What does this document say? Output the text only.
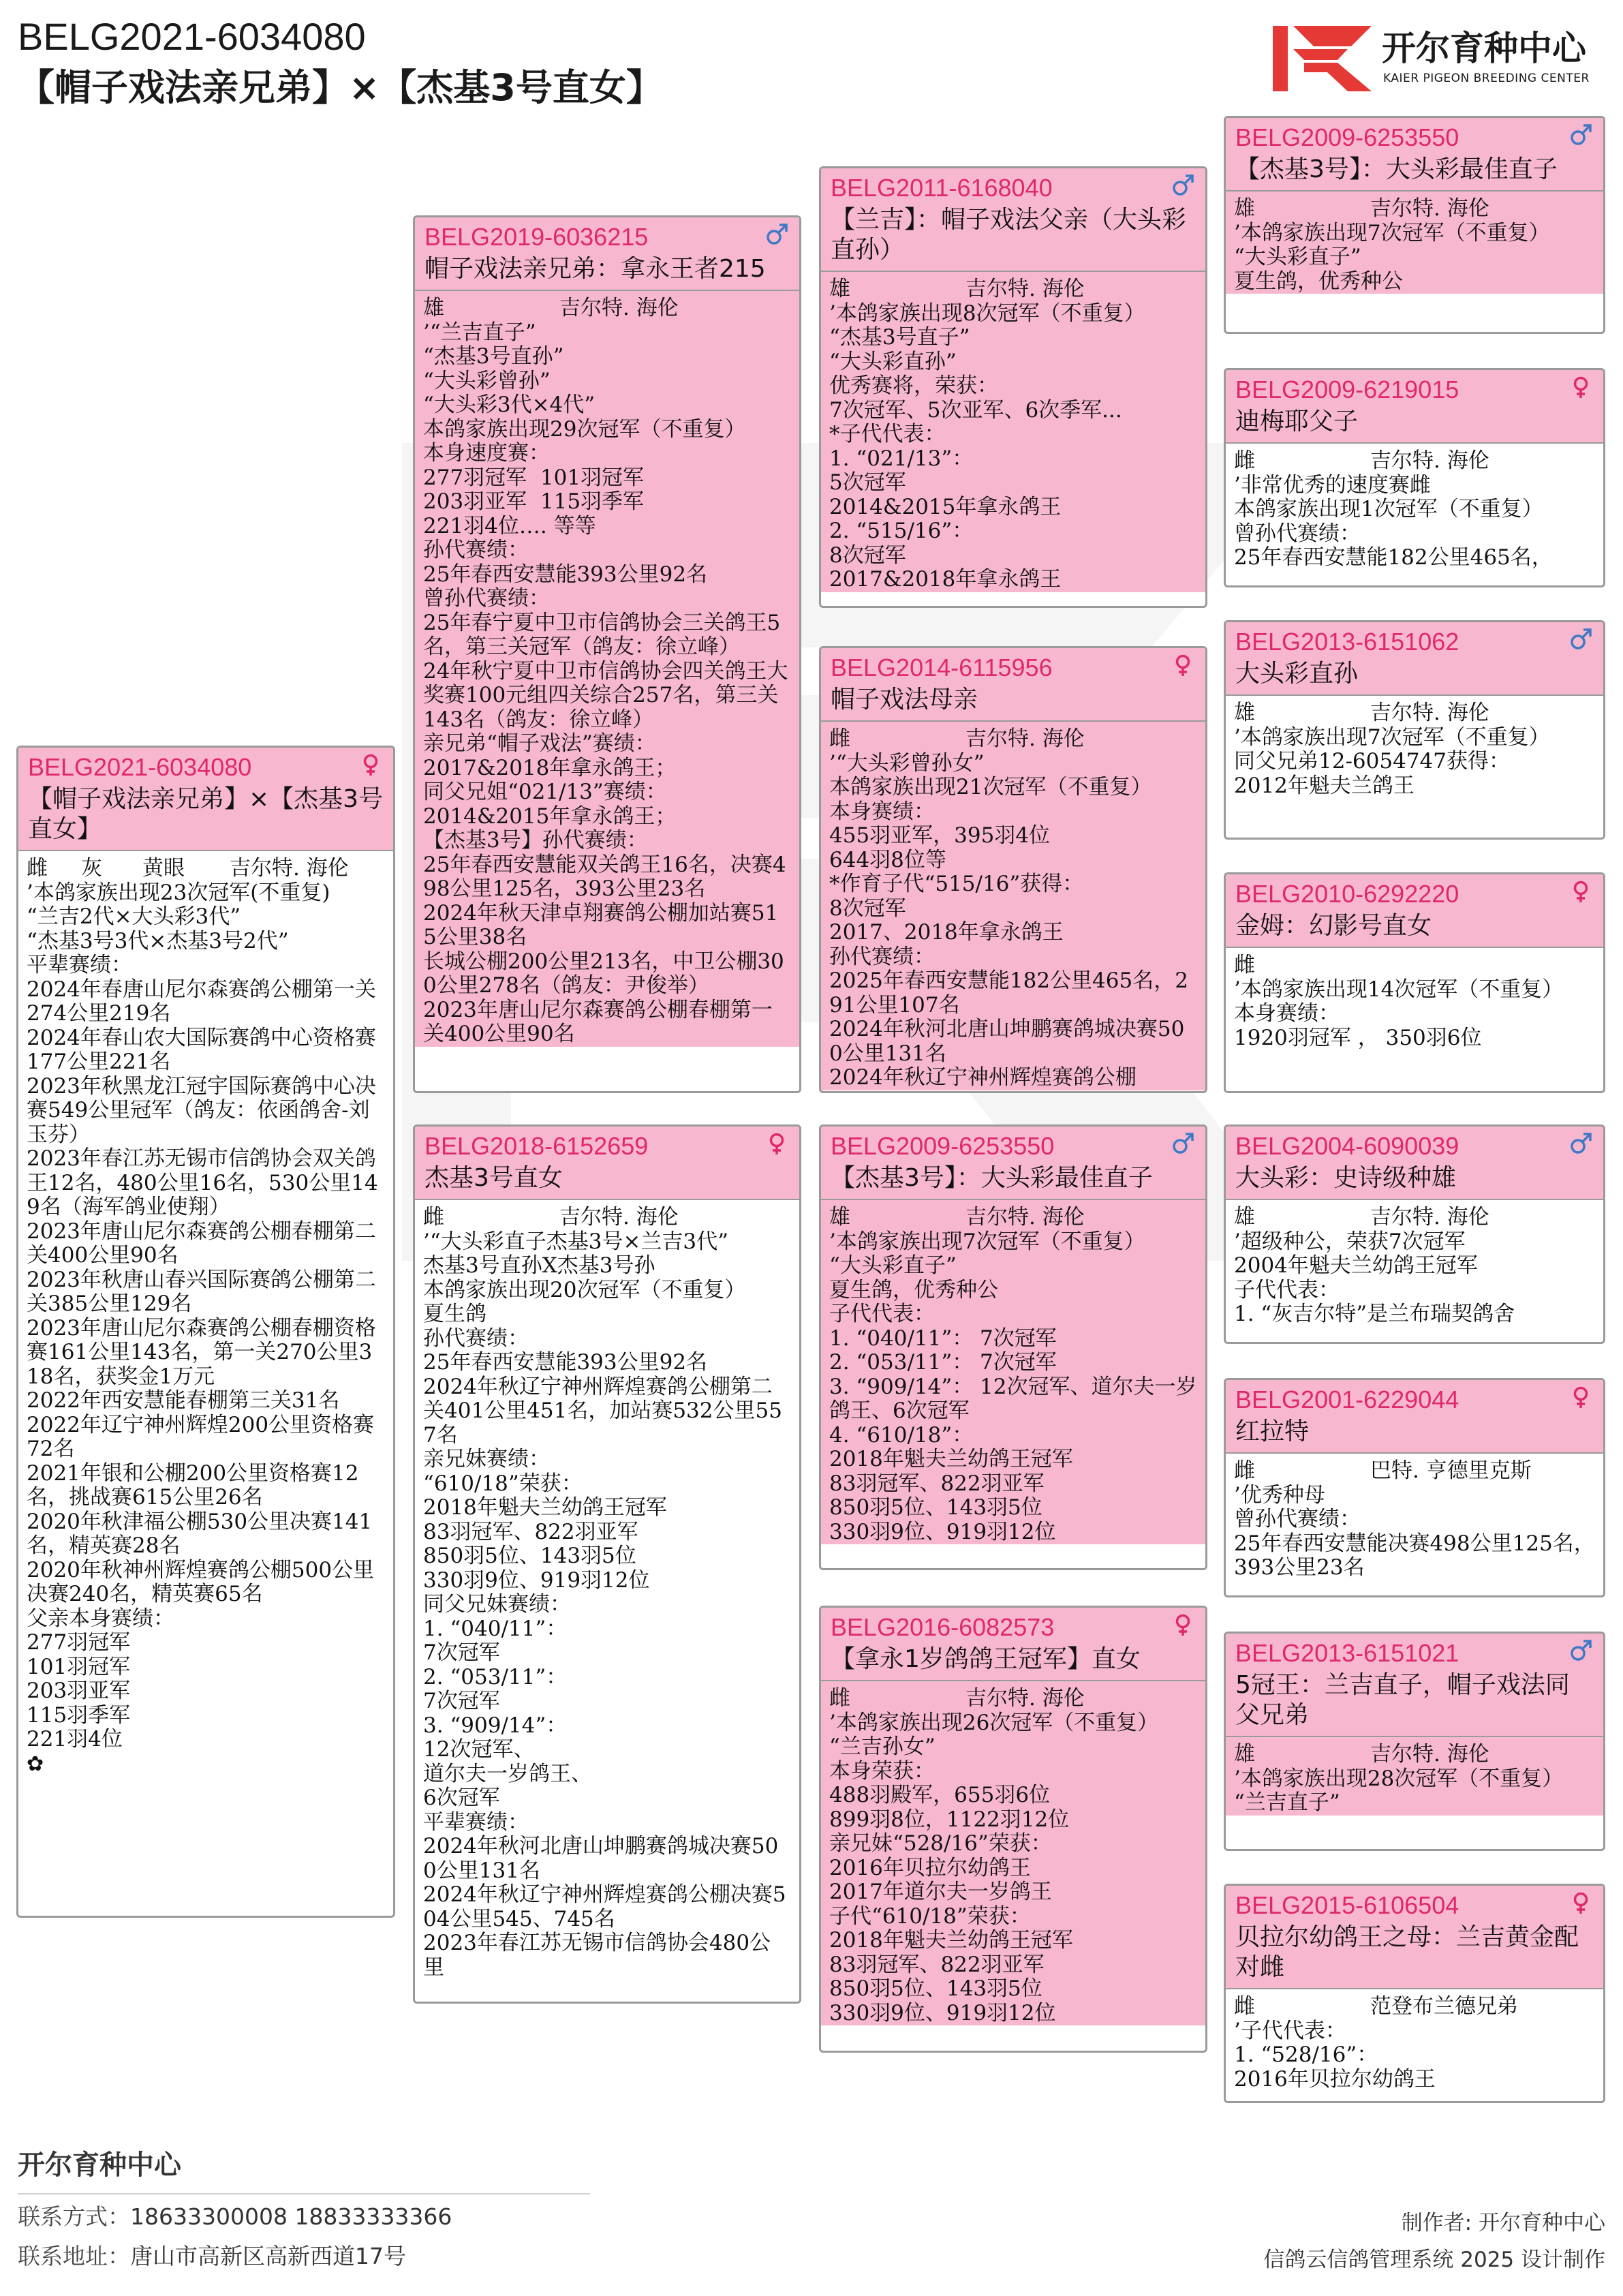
BELG2021-6034080
【帽子戏法亲兄弟】×【杰基3号直女】
开尔育种中心
KAIER PIGEON BREEDING CENTER
BELG2021-6034080
【帽子戏法亲兄弟】×【杰基3号直女】
雌	灰	黄眼	吉尔特. 海伦
’本鸽家族出现23次冠军(不重复)
“兰吉2代×大头彩3代”
“杰基3号3代×杰基3号2代”
平辈赛绩：
2024年春唐山尼尔森赛鸽公棚第一关274公里219名
2024年春山农大国际赛鸽中心资格赛177公里221名
2023年秋黑龙江冠宇国际赛鸽中心决赛549公里冠军（鸽友：依函鸽舍-刘玉芬）
2023年春江苏无锡市信鸽协会双关鸽王12名，480公里16名，530公里149名（海军鸽业使翔）
2023年唐山尼尔森赛鸽公棚春棚第二关400公里90名
2023年秋唐山春兴国际赛鸽公棚第二关385公里129名
2023年唐山尼尔森赛鸽公棚春棚资格赛161公里143名，第一关270公里318名，获奖金1万元
2022年西安慧能春棚第三关31名
2022年辽宁神州辉煌200公里资格赛72名
2021年银和公棚200公里资格赛12名，挑战赛615公里26名
2020年秋津福公棚530公里决赛141名，精英赛28名
2020年秋神州辉煌赛鸽公棚500公里决赛240名，精英赛65名
父亲本身赛绩：
277羽冠军
101羽冠军
203羽亚军
115羽季军
221羽4位
✿
BELG2019-6036215
帽子戏法亲兄弟：拿永王者215
雄	吉尔特. 海伦
’“兰吉直子”
“杰基3号直孙”
“大头彩曾孙”
“大头彩3代×4代”
本鸽家族出现29次冠军（不重复）
本身速度赛：
277羽冠军  101羽冠军
203羽亚军  115羽季军
221羽4位…. 等等
孙代赛绩：
25年春西安慧能393公里92名
曾孙代赛绩：
25年春宁夏中卫市信鸽协会三关鸽王5名，第三关冠军（鸽友：徐立峰）
24年秋宁夏中卫市信鸽协会四关鸽王大奖赛100元组四关综合257名，第三关143名（鸽友：徐立峰）
亲兄弟“帽子戏法”赛绩：
2017&2018年拿永鸽王；
同父兄姐“021/13”赛绩：
2014&2015年拿永鸽王；
【杰基3号】孙代赛绩：
25年春西安慧能双关鸽王16名，决赛498公里125名，393公里23名
2024年秋天津卓翔赛鸽公棚加站赛515公里38名
长城公棚200公里213名，中卫公棚300公里278名（鸽友：尹俊举）
2023年唐山尼尔森赛鸽公棚春棚第一关400公里90名
BELG2018-6152659
杰基3号直女
雌	吉尔特. 海伦
’“大头彩直子杰基3号×兰吉3代”
杰基3号直孙X杰基3号孙
本鸽家族出现20次冠军（不重复）
夏生鸽
孙代赛绩：
25年春西安慧能393公里92名
2024年秋辽宁神州辉煌赛鸽公棚第二关401公里451名，加站赛532公里557名
亲兄妹赛绩：
“610/18”荣获：
2018年魁夫兰幼鸽王冠军
83羽冠军、822羽亚军
850羽5位、143羽5位
330羽9位、919羽12位
同父兄妹赛绩：
1. “040/11”：
7次冠军
2. “053/11”：
7次冠军
3. “909/14”：
12次冠军、
道尔夫一岁鸽王、
6次冠军
平辈赛绩：
2024年秋河北唐山坤鹏赛鸽城决赛500公里131名
2024年秋辽宁神州辉煌赛鸽公棚决赛504公里545、745名
2023年春江苏无锡市信鸽协会480公里
BELG2011-6168040
【兰吉】：帽子戏法父亲（大头彩直孙）
雄	吉尔特. 海伦
’本鸽家族出现8次冠军（不重复）
“杰基3号直子”
“大头彩直孙”
优秀赛将，荣获：
7次冠军、5次亚军、6次季军...
*子代代表：
1. “021/13”：
5次冠军
2014&2015年拿永鸽王
2. “515/16”：
8次冠军
2017&2018年拿永鸽王
BELG2014-6115956
帽子戏法母亲
雌	吉尔特. 海伦
’“大头彩曾孙女”
本鸽家族出现21次冠军（不重复）
本身赛绩：
455羽亚军，395羽4位
644羽8位等
*作育子代“515/16”获得：
8次冠军
2017、2018年拿永鸽王
孙代赛绩：
2025年春西安慧能182公里465名，291公里107名
2024年秋河北唐山坤鹏赛鸽城决赛500公里131名
2024年秋辽宁神州辉煌赛鸽公棚
BELG2009-6253550
【杰基3号】：大头彩最佳直子
雄	吉尔特. 海伦
’本鸽家族出现7次冠军（不重复）
“大头彩直子”
夏生鸽，优秀种公
子代代表：
1. “040/11”： 7次冠军
2. “053/11”： 7次冠军
3. “909/14”： 12次冠军、道尔夫一岁鸽王、6次冠军
4. “610/18”：
2018年魁夫兰幼鸽王冠军
83羽冠军、822羽亚军
850羽5位、143羽5位
330羽9位、919羽12位
BELG2016-6082573
【拿永1岁鸽鸽王冠军】直女
雌	吉尔特. 海伦
’本鸽家族出现26次冠军（不重复）
“兰吉孙女”
本身荣获：
488羽殿军，655羽6位
899羽8位，1122羽12位
亲兄妹“528/16”荣获：
2016年贝拉尔幼鸽王
2017年道尔夫一岁鸽王
子代“610/18”荣获：
2018年魁夫兰幼鸽王冠军
83羽冠军、822羽亚军
850羽5位、143羽5位
330羽9位、919羽12位
BELG2009-6253550
【杰基3号】：大头彩最佳直子
雄	吉尔特. 海伦
’本鸽家族出现7次冠军（不重复）
“大头彩直子”
夏生鸽，优秀种公
BELG2009-6219015
迪梅耶父子
雌	吉尔特. 海伦
’非常优秀的速度赛雌
本鸽家族出现1次冠军（不重复）
曾孙代赛绩：
25年春西安慧能182公里465名，
BELG2013-6151062
大头彩直孙
雄	吉尔特. 海伦
’本鸽家族出现7次冠军（不重复）
同父兄弟12-6054747获得：
2012年魁夫兰鸽王
BELG2010-6292220
金姆：幻影号直女
雌
’本鸽家族出现14次冠军（不重复）
本身赛绩：
1920羽冠军 ， 350羽6位
BELG2004-6090039
大头彩：史诗级种雄
雄	吉尔特. 海伦
’超级种公，荣获7次冠军
2004年魁夫兰幼鸽王冠军
子代代表：
1. “灰吉尔特”是兰布瑞契鸽舍
BELG2001-6229044
红拉特
雌	巴特. 亨德里克斯
’优秀种母
曾孙代赛绩：
25年春西安慧能决赛498公里125名，393公里23名
BELG2013-6151021
5冠王：兰吉直子，帽子戏法同父兄弟
雄	吉尔特. 海伦
’本鸽家族出现28次冠军（不重复）
“兰吉直子”
BELG2015-6106504
贝拉尔幼鸽王之母：兰吉黄金配对雌
雌	范登布兰德兄弟
’子代代表：
1. “528/16”：
2016年贝拉尔幼鸽王
开尔育种中心
联系方式：18633300008 18833333366
联系地址：唐山市高新区高新西道17号
制作者: 开尔育种中心
信鸽云信鸽管理系统 2025 设计制作
